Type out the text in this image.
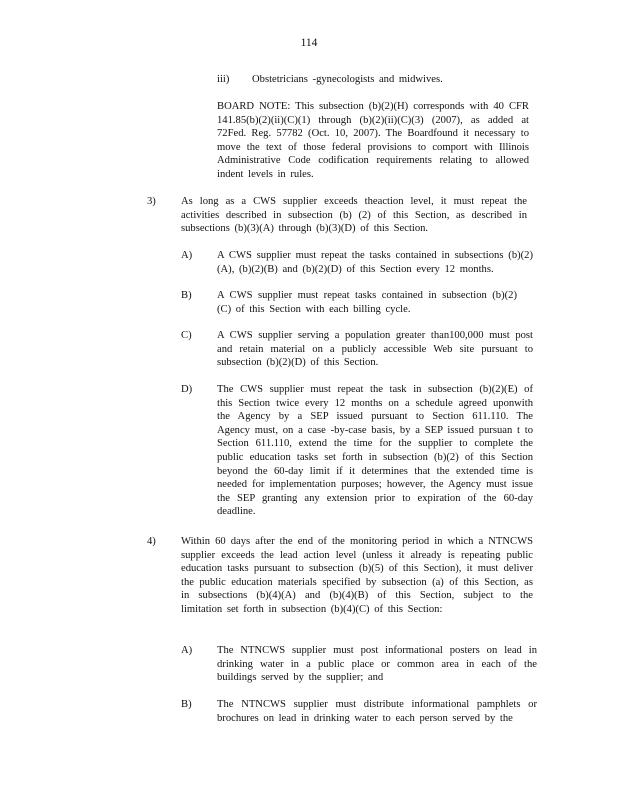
114
iii) Obstetricians -gynecologists and midwives.
BOARD NOTE: This subsection (b)(2)(H) corresponds with 40 CFR 141.85(b)(2)(ii)(C)(1) through (b)(2)(ii)(C)(3) (2007), as added at 72Fed. Reg. 57782 (Oct. 10, 2007). The Boardfound it necessary to move the text of those federal provisions to comport with Illinois Administrative Code codification requirements relating to allowed indent levels in rules.
3) As long as a CWS supplier exceeds theaction level, it must repeat the activities described in subsection (b) (2) of this Section, as described in subsections (b)(3)(A) through (b)(3)(D) of this Section.
A) A CWS supplier must repeat the tasks contained in subsections (b)(2)(A), (b)(2)(B) and (b)(2)(D) of this Section every 12 months.
B) A CWS supplier must repeat tasks contained in subsection (b)(2)(C) of this Section with each billing cycle.
C) A CWS supplier serving a population greater than100,000 must post and retain material on a publicly accessible Web site pursuant to subsection (b)(2)(D) of this Section.
D) The CWS supplier must repeat the task in subsection (b)(2)(E) of this Section twice every 12 months on a schedule agreed uponwith the Agency by a SEP issued pursuant to Section 611.110. The Agency must, on a case -by-case basis, by a SEP issued pursuan t to Section 611.110, extend the time for the supplier to complete the public education tasks set forth in subsection (b)(2) of this Section beyond the 60-day limit if it determines that the extended time is needed for implementation purposes; however, the Agency must issue the SEP granting any extension prior to expiration of the 60-day deadline.
4) Within 60 days after the end of the monitoring period in which a NTNCWS supplier exceeds the lead action level (unless it already is repeating public education tasks pursuant to subsection (b)(5) of this Section), it must deliver the public education materials specified by subsection (a) of this Section, as in subsections (b)(4)(A) and (b)(4)(B) of this Section, subject to the limitation set forth in subsection (b)(4)(C) of this Section:
A) The NTNCWS supplier must post informational posters on lead in drinking water in a public place or common area in each of the buildings served by the supplier; and
B) The NTNCWS supplier must distribute informational pamphlets or brochures on lead in drinking water to each person served by the
